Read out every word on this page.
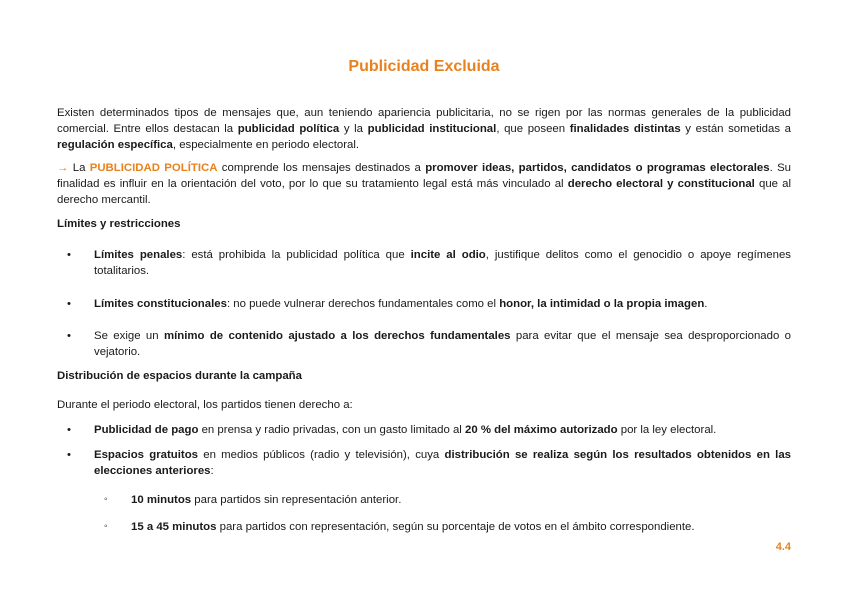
Publicidad Excluida

Existen determinados tipos de mensajes que, aun teniendo apariencia publicitaria, no se rigen por las normas generales de la publicidad comercial. Entre ellos destacan la publicidad política y la publicidad institucional, que poseen finalidades distintas y están sometidas a regulación específica, especialmente en periodo electoral.

→ La PUBLICIDAD POLÍTICA comprende los mensajes destinados a promover ideas, partidos, candidatos o programas electorales. Su finalidad es influir en la orientación del voto, por lo que su tratamiento legal está más vinculado al derecho electoral y constitucional que al derecho mercantil.

Límites y restricciones
• Límites penales: está prohibida la publicidad política que incite al odio, justifique delitos como el genocidio o apoye regímenes totalitarios.
• Límites constitucionales: no puede vulnerar derechos fundamentales como el honor, la intimidad o la propia imagen.
• Se exige un mínimo de contenido ajustado a los derechos fundamentales para evitar que el mensaje sea desproporcionado o vejatorio.
Distribución de espacios durante la campaña

Durante el periodo electoral, los partidos tienen derecho a:

• Publicidad de pago en prensa y radio privadas, con un gasto limitado al 20 % del máximo autorizado por la ley electoral.
• Espacios gratuitos en medios públicos (radio y televisión), cuya distribución se realiza según los resultados obtenidos en las elecciones anteriores:
◦ 10 minutos para partidos sin representación anterior.
◦ 15 a 45 minutos para partidos con representación, según su porcentaje de votos en el ámbito correspondiente.
4.4
